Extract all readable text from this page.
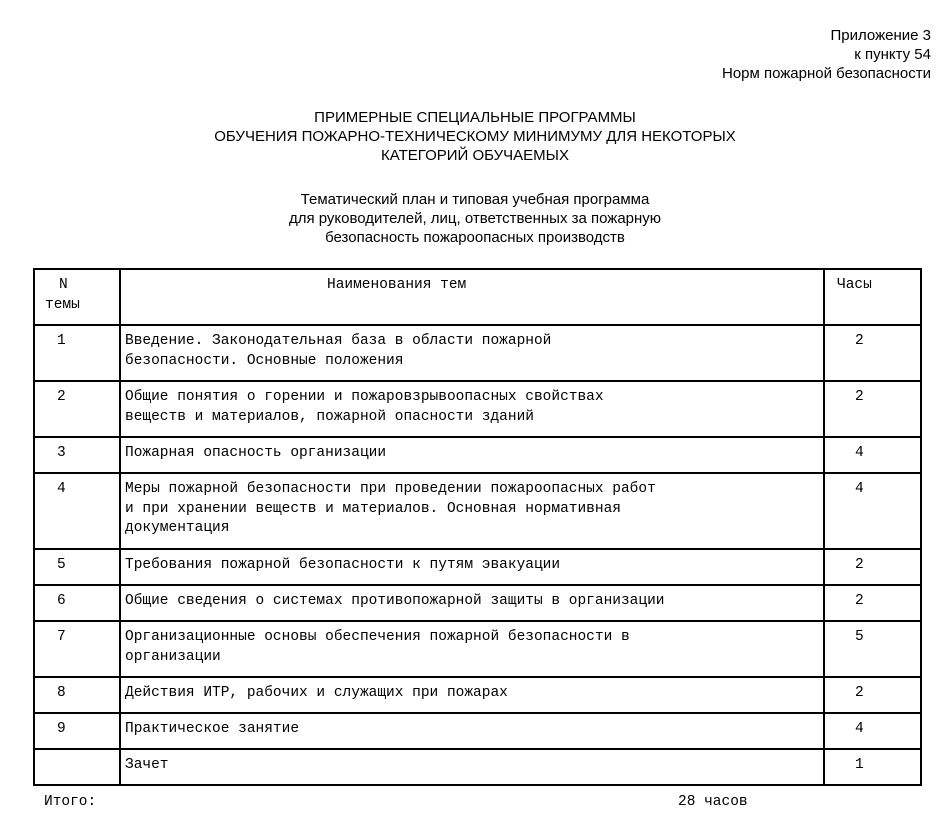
Приложение 3
к пункту 54
Норм пожарной безопасности
ПРИМЕРНЫЕ СПЕЦИАЛЬНЫЕ ПРОГРАММЫ
ОБУЧЕНИЯ ПОЖАРНО-ТЕХНИЧЕСКОМУ МИНИМУМУ ДЛЯ НЕКОТОРЫХ
КАТЕГОРИЙ ОБУЧАЕМЫХ
Тематический план и типовая учебная программа
для руководителей, лиц, ответственных за пожарную
безопасность пожароопасных производств
N
темы	Наименования тем	Часы
1	Введение. Законодательная база в области пожарной
безопасности. Основные положения	2
2	Общие понятия о горении и пожаровзрывоопасных свойствах
веществ и материалов, пожарной опасности зданий	2
3	Пожарная опасность организации	4
4	Меры пожарной безопасности при проведении пожароопасных работ
и при хранении веществ и материалов. Основная нормативная
документация	4
5	Требования пожарной безопасности к путям эвакуации	2
6	Общие сведения о системах противопожарной защиты в организации	2
7	Организационные основы обеспечения пожарной безопасности в
организации	5
8	Действия ИТР, рабочих и служащих при пожарах	2
9	Практическое занятие	4

	Зачет	1
Итого:	28 часов
